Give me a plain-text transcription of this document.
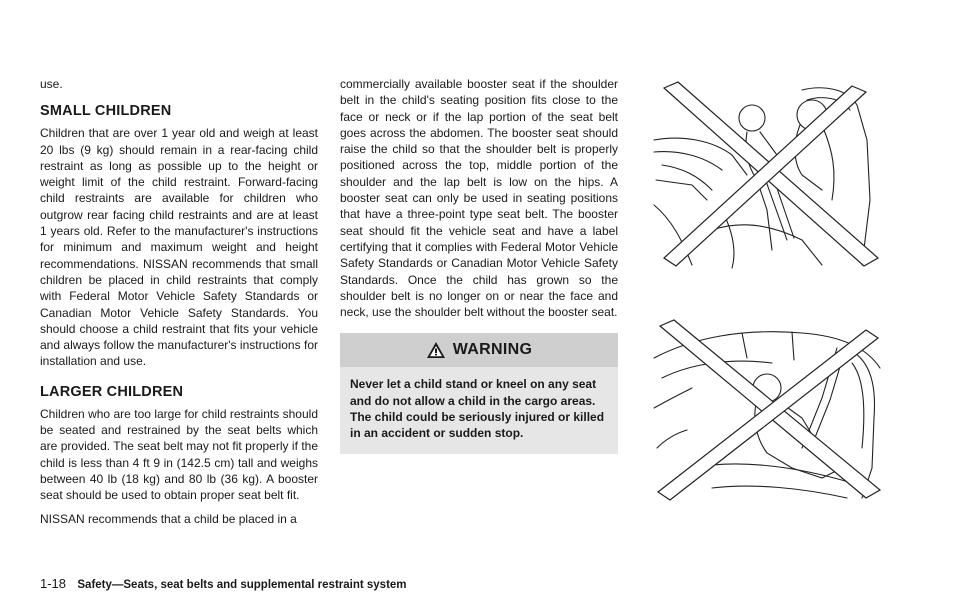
use.

SMALL CHILDREN

Children that are over 1 year old and weigh at least 20 lbs (9 kg) should remain in a rear-facing child restraint as long as possible up to the height or weight limit of the child restraint. Forward-facing child restraints are available for children who outgrow rear facing child restraints and are at least 1 years old. Refer to the manufacturer's instructions for minimum and maximum weight and height recommendations. NISSAN recommends that small children be placed in child restraints that comply with Federal Motor Vehicle Safety Standards or Canadian Motor Vehicle Safety Standards. You should choose a child restraint that fits your vehicle and always follow the manufacturer's instructions for installation and use.

LARGER CHILDREN

Children who are too large for child restraints should be seated and restrained by the seat belts which are provided. The seat belt may not fit properly if the child is less than 4 ft 9 in (142.5 cm) tall and weighs between 40 lb (18 kg) and 80 lb (36 kg). A booster seat should be used to obtain proper seat belt fit.

NISSAN recommends that a child be placed in a

commercially available booster seat if the shoulder belt in the child's seating position fits close to the face or neck or if the lap portion of the seat belt goes across the abdomen. The booster seat should raise the child so that the shoulder belt is properly positioned across the top, middle portion of the shoulder and the lap belt is low on the hips. A booster seat can only be used in seating positions that have a three-point type seat belt. The booster seat should fit the vehicle seat and have a label certifying that it complies with Federal Motor Vehicle Safety Standards or Canadian Motor Vehicle Safety Standards. Once the child has grown so the shoulder belt is no longer on or near the face and neck, use the shoulder belt without the booster seat.

WARNING
Never let a child stand or kneel on any seat and do not allow a child in the cargo areas. The child could be seriously injured or killed in an accident or sudden stop.
1-18 Safety—Seats, seat belts and supplemental restraint system
